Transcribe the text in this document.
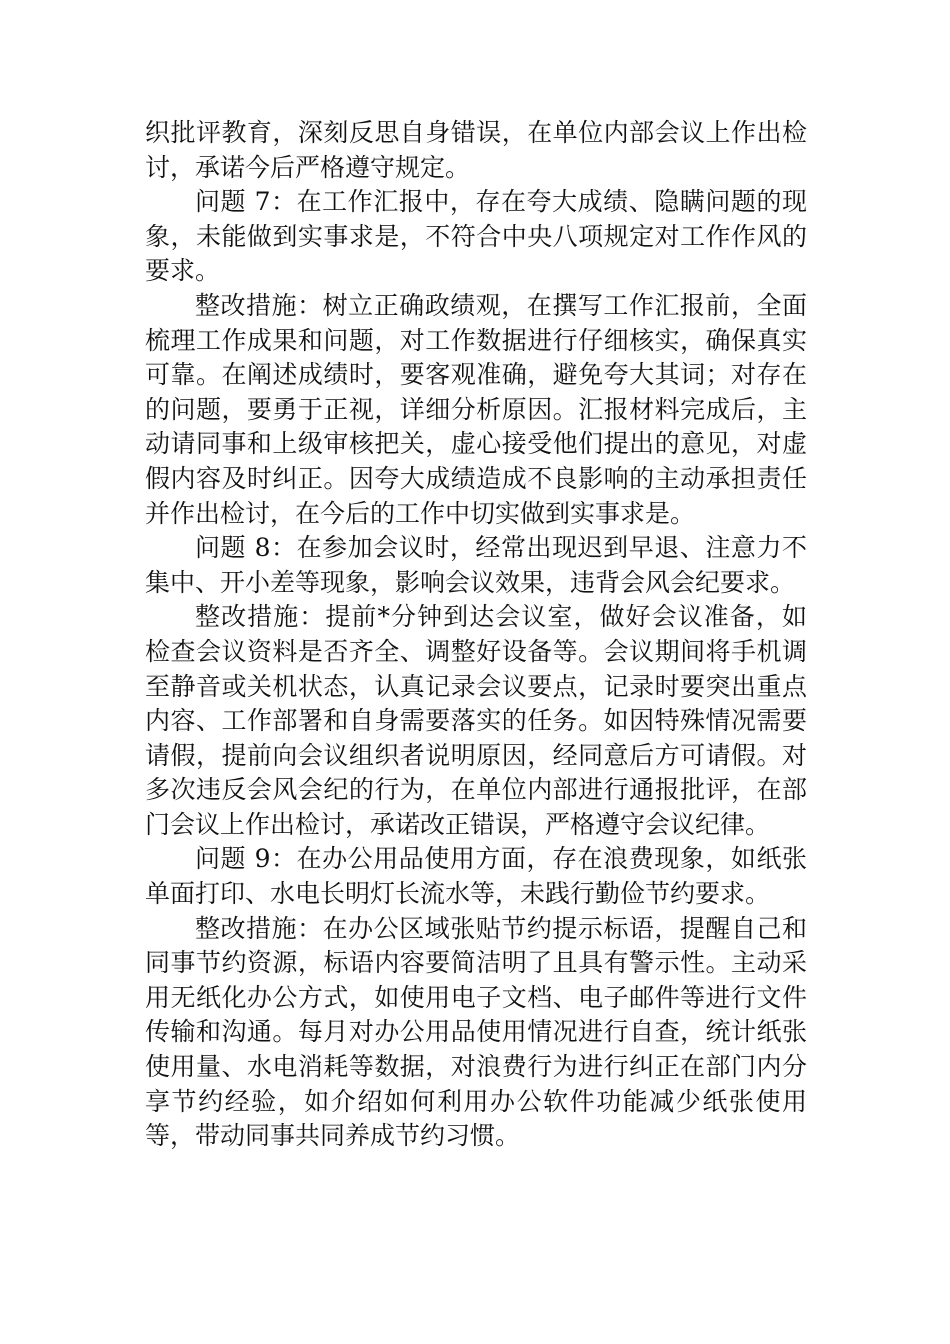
织批评教育，深刻反思自身错误，在单位内部会议上作出检讨，承诺今后严格遵守规定。

问题 7：在工作汇报中，存在夸大成绩、隐瞒问题的现象，未能做到实事求是，不符合中央八项规定对工作作风的要求。

整改措施：树立正确政绩观，在撰写工作汇报前，全面梳理工作成果和问题，对工作数据进行仔细核实，确保真实可靠。在阐述成绩时，要客观准确，避免夸大其词；对存在的问题，要勇于正视，详细分析原因。汇报材料完成后，主动请同事和上级审核把关，虚心接受他们提出的意见，对虚假内容及时纠正。因夸大成绩造成不良影响的主动承担责任并作出检讨，在今后的工作中切实做到实事求是。

问题 8：在参加会议时，经常出现迟到早退、注意力不集中、开小差等现象，影响会议效果，违背会风会纪要求。

整改措施：提前*分钟到达会议室，做好会议准备，如检查会议资料是否齐全、调整好设备等。会议期间将手机调至静音或关机状态，认真记录会议要点，记录时要突出重点内容、工作部署和自身需要落实的任务。如因特殊情况需要请假，提前向会议组织者说明原因，经同意后方可请假。对多次违反会风会纪的行为，在单位内部进行通报批评，在部门会议上作出检讨，承诺改正错误，严格遵守会议纪律。

问题 9：在办公用品使用方面，存在浪费现象，如纸张单面打印、水电长明灯长流水等，未践行勤俭节约要求。

整改措施：在办公区域张贴节约提示标语，提醒自己和同事节约资源，标语内容要简洁明了且具有警示性。主动采用无纸化办公方式，如使用电子文档、电子邮件等进行文件传输和沟通。每月对办公用品使用情况进行自查，统计纸张使用量、水电消耗等数据，对浪费行为进行纠正在部门内分享节约经验，如介绍如何利用办公软件功能减少纸张使用等，带动同事共同养成节约习惯。
